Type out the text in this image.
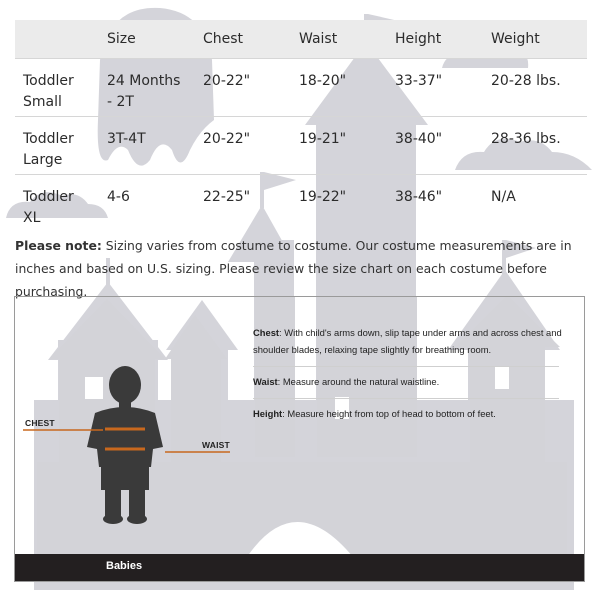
	Size	Chest	Waist	Height	Weight
Toddler Small	24 Months - 2T	20-22"	18-20"	33-37"	20-28 lbs.
Toddler Large	3T-4T	20-22"	19-21"	38-40"	28-36 lbs.
Toddler XL	4-6	22-25"	19-22"	38-46"	N/A
Please note: Sizing varies from costume to costume. Our costume measurements are in inches and based on U.S. sizing. Please review the size chart on each costume before purchasing.
CHEST
WAIST
Chest: With child's arms down, slip tape under arms and across chest and shoulder blades, relaxing tape slightly for breathing room.
Waist: Measure around the natural waistline.
Height: Measure height from top of head to bottom of feet.
Babies
